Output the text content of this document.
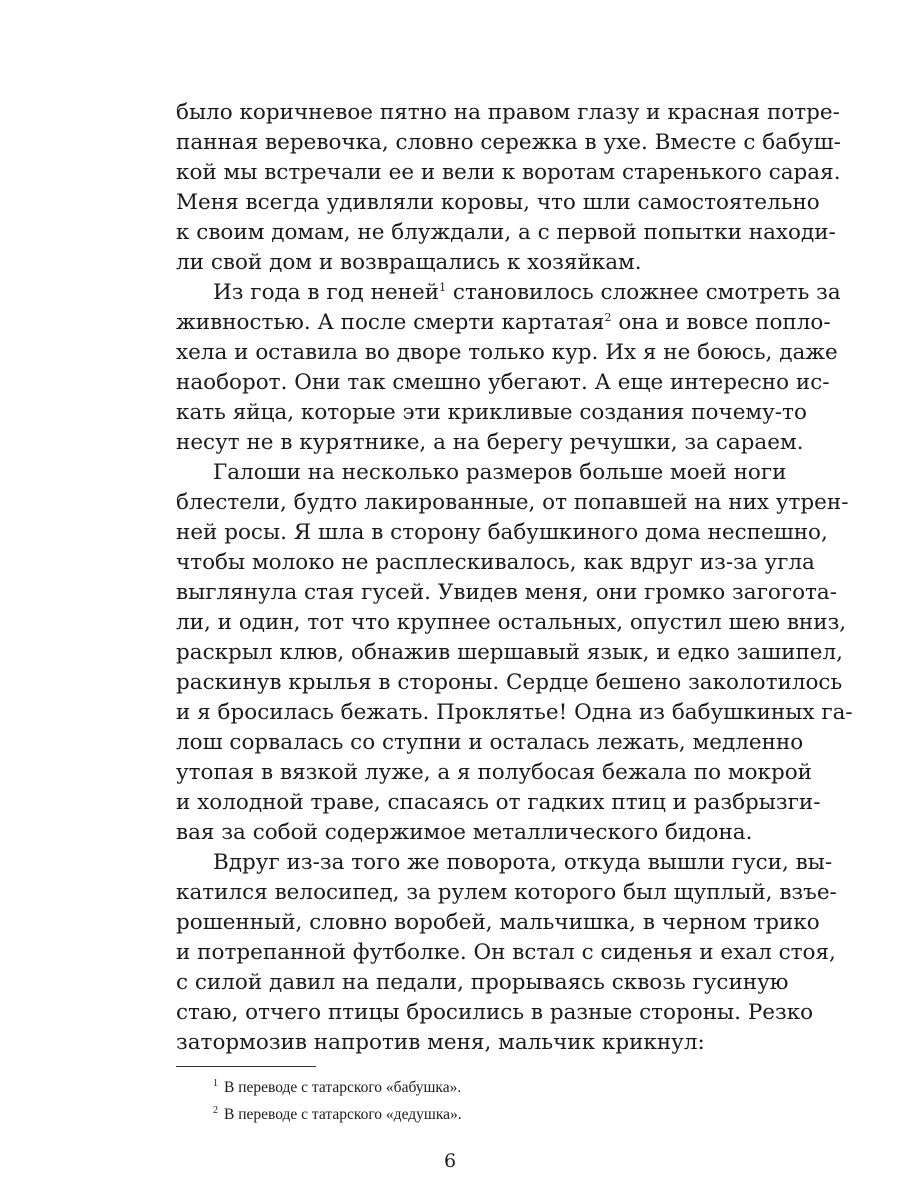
было коричневое пятно на правом глазу и красная потре-
панная веревочка, словно сережка в ухе. Вместе с бабуш-
кой мы встречали ее и вели к воротам старенького сарая.
Меня всегда удивляли коровы, что шли самостоятельно
к своим домам, не блуждали, а с первой попытки находи-
ли свой дом и возвращались к хозяйкам.
Из года в год неней$^1$ становилось сложнее смотреть за
живностью. А после смерти картатая$^2$ она и вовсе поплo-
хела и оставила во дворе только кур. Их я не боюсь, даже
наоборот. Они так смешно убегают. А еще интересно ис-
кать яйца, которые эти крикливые создания почему-то
несут не в курятнике, а на берегу речушки, за сараем.
Галоши на несколько размеров больше моей ноги
блестели, будто лакированные, от попавшей на них утрен-
ней росы. Я шла в сторону бабушкиного дома неспешно,
чтобы молоко не расплескивалось, как вдруг из-за угла
выглянула стая гусей. Увидев меня, они громко загогота-
ли, и один, тот что крупнее остальных, опустил шею вниз,
раскрыл клюв, обнажив шершавый язык, и едко зашипел,
раскинув крылья в стороны. Сердце бешено заколотилось
и я бросилась бежать. Проклятье! Одна из бабушкиных га-
лош сорвалась со ступни и осталась лежать, медленно
утопая в вязкой луже, а я полубосая бежала по мокрой
и холодной траве, спасаясь от гадких птиц и разбрызги-
вая за собой содержимое металлического бидона.
Вдруг из-за того же поворота, откуда вышли гуси, вы-
катился велосипед, за рулем которого был щуплый, взъе-
рошенный, словно воробей, мальчишка, в черном трико
и потрепанной футболке. Он встал с сиденья и ехал стоя,
с силой давил на педали, прорываясь сквозь гусиную
стаю, отчего птицы бросились в разные стороны. Резко
затормозив напротив меня, мальчик крикнул:
$^1$ В переводе с татарского «бабушка».
$^2$ В переводе с татарского «дедушка».
6
